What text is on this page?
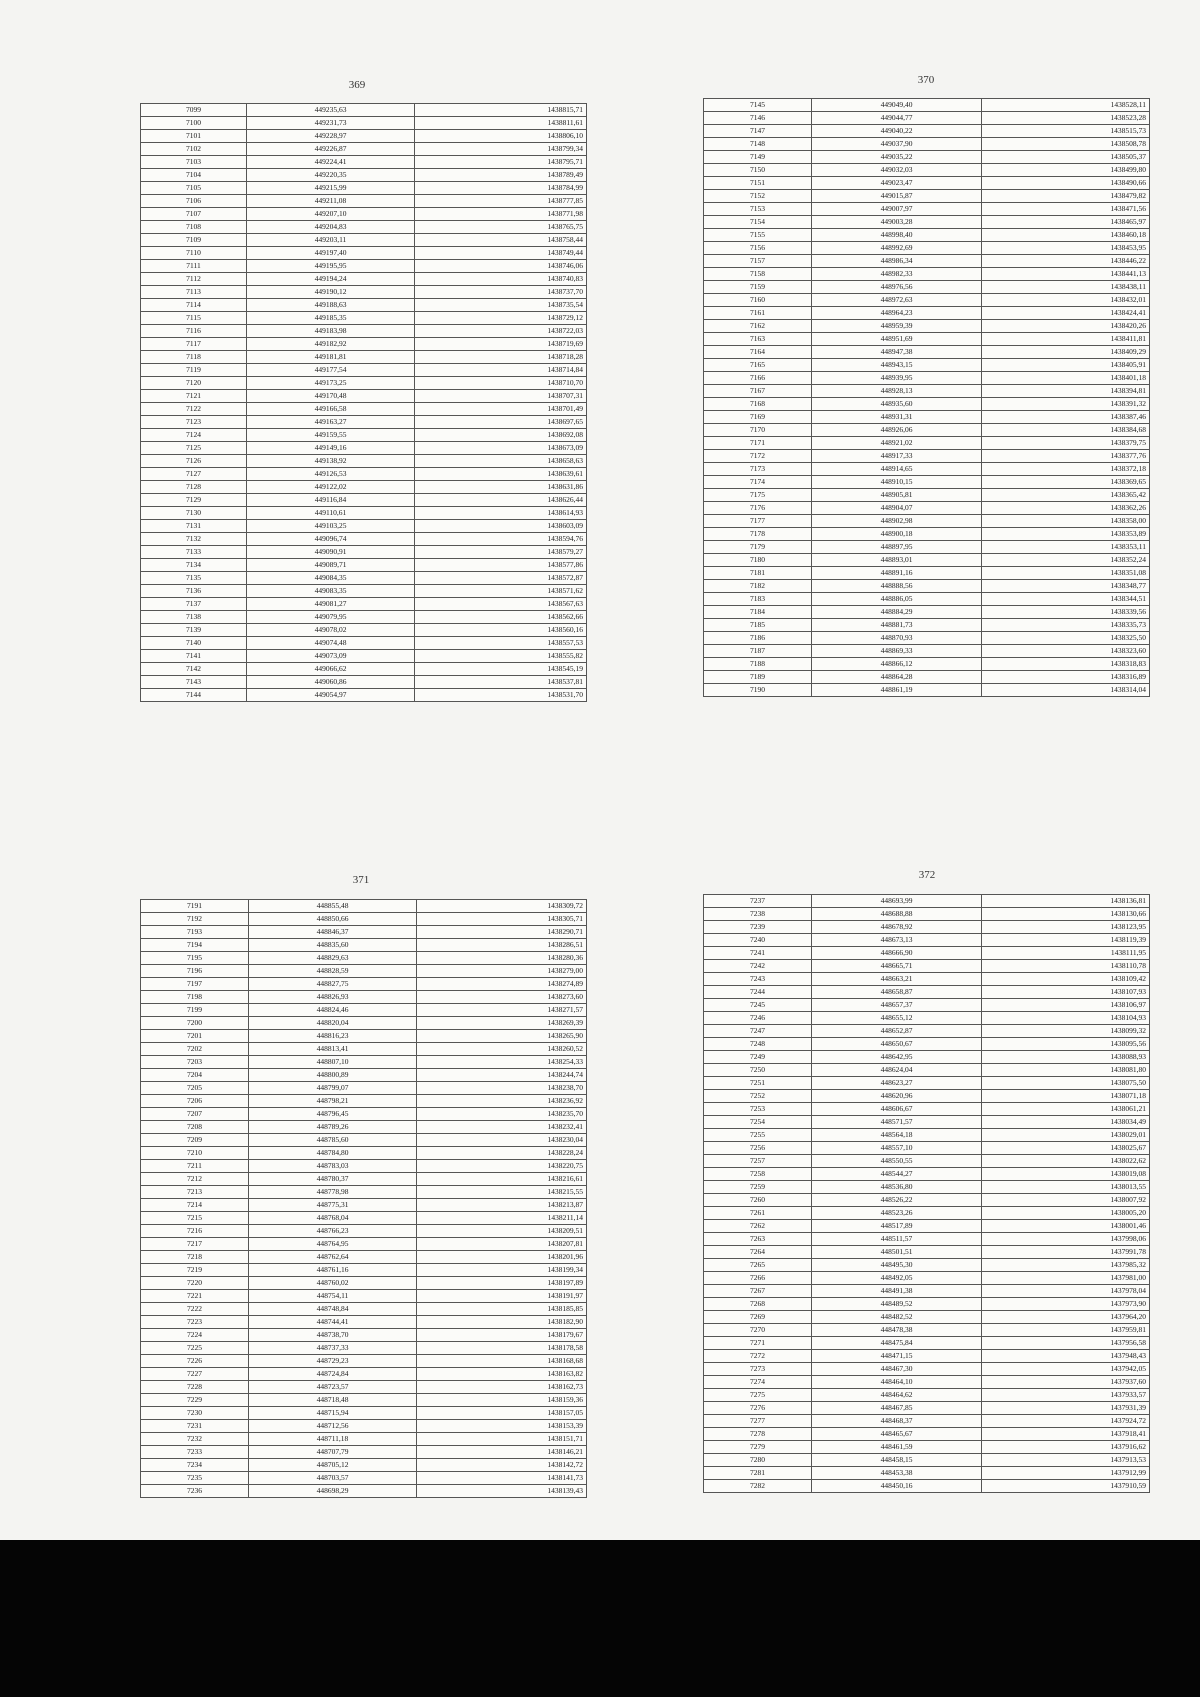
369
7099	449235,63	1438815,71
7100	449231,73	1438811,61
7101	449228,97	1438806,10
7102	449226,87	1438799,34
7103	449224,41	1438795,71
7104	449220,35	1438789,49
7105	449215,99	1438784,99
7106	449211,08	1438777,85
7107	449207,10	1438771,98
7108	449204,83	1438765,75
7109	449203,11	1438758,44
7110	449197,40	1438749,44
7111	449195,95	1438746,06
7112	449194,24	1438740,83
7113	449190,12	1438737,70
7114	449188,63	1438735,54
7115	449185,35	1438729,12
7116	449183,98	1438722,03
7117	449182,92	1438719,69
7118	449181,81	1438718,28
7119	449177,54	1438714,84
7120	449173,25	1438710,70
7121	449170,48	1438707,31
7122	449166,58	1438701,49
7123	449163,27	1438697,65
7124	449159,55	1438692,08
7125	449149,16	1438673,09
7126	449138,92	1438658,63
7127	449126,53	1438639,61
7128	449122,02	1438631,86
7129	449116,84	1438626,44
7130	449110,61	1438614,93
7131	449103,25	1438603,09
7132	449096,74	1438594,76
7133	449090,91	1438579,27
7134	449089,71	1438577,86
7135	449084,35	1438572,87
7136	449083,35	1438571,62
7137	449081,27	1438567,63
7138	449079,95	1438562,66
7139	449078,02	1438560,16
7140	449074,48	1438557,53
7141	449073,09	1438555,82
7142	449066,62	1438545,19
7143	449060,86	1438537,81
7144	449054,97	1438531,70
370
7145	449049,40	1438528,11
7146	449044,77	1438523,28
7147	449040,22	1438515,73
7148	449037,90	1438508,78
7149	449035,22	1438505,37
7150	449032,03	1438499,80
7151	449023,47	1438490,66
7152	449015,87	1438479,82
7153	449007,97	1438471,56
7154	449003,28	1438465,97
7155	448998,40	1438460,18
7156	448992,69	1438453,95
7157	448986,34	1438446,22
7158	448982,33	1438441,13
7159	448976,56	1438438,11
7160	448972,63	1438432,01
7161	448964,23	1438424,41
7162	448959,39	1438420,26
7163	448951,69	1438411,81
7164	448947,38	1438409,29
7165	448943,15	1438405,91
7166	448939,95	1438401,18
7167	448928,13	1438394,81
7168	448935,60	1438391,32
7169	448931,31	1438387,46
7170	448926,06	1438384,68
7171	448921,02	1438379,75
7172	448917,33	1438377,76
7173	448914,65	1438372,18
7174	448910,15	1438369,65
7175	448905,81	1438365,42
7176	448904,07	1438362,26
7177	448902,98	1438358,00
7178	448900,18	1438353,89
7179	448897,95	1438353,11
7180	448893,01	1438352,24
7181	448891,16	1438351,08
7182	448888,56	1438348,77
7183	448886,05	1438344,51
7184	448884,29	1438339,56
7185	448881,73	1438335,73
7186	448870,93	1438325,50
7187	448869,33	1438323,60
7188	448866,12	1438318,83
7189	448864,28	1438316,89
7190	448861,19	1438314,04
371
7191	448855,48	1438309,72
7192	448850,66	1438305,71
7193	448846,37	1438290,71
7194	448835,60	1438286,51
7195	448829,63	1438280,36
7196	448828,59	1438279,00
7197	448827,75	1438274,89
7198	448826,93	1438273,60
7199	448824,46	1438271,57
7200	448820,04	1438269,39
7201	448816,23	1438265,90
7202	448813,41	1438260,52
7203	448807,10	1438254,33
7204	448800,89	1438244,74
7205	448799,07	1438238,70
7206	448798,21	1438236,92
7207	448796,45	1438235,70
7208	448789,26	1438232,41
7209	448785,60	1438230,04
7210	448784,80	1438228,24
7211	448783,03	1438220,75
7212	448780,37	1438216,61
7213	448778,98	1438215,55
7214	448775,31	1438213,87
7215	448768,04	1438211,14
7216	448766,23	1438209,51
7217	448764,95	1438207,81
7218	448762,64	1438201,96
7219	448761,16	1438199,34
7220	448760,02	1438197,89
7221	448754,11	1438191,97
7222	448748,84	1438185,85
7223	448744,41	1438182,90
7224	448738,70	1438179,67
7225	448737,33	1438178,58
7226	448729,23	1438168,68
7227	448724,84	1438163,82
7228	448723,57	1438162,73
7229	448718,48	1438159,36
7230	448715,94	1438157,05
7231	448712,56	1438153,39
7232	448711,18	1438151,71
7233	448707,79	1438146,21
7234	448705,12	1438142,72
7235	448703,57	1438141,73
7236	448698,29	1438139,43
372
7237	448693,99	1438136,81
7238	448688,88	1438130,66
7239	448678,92	1438123,95
7240	448673,13	1438119,39
7241	448666,90	1438111,95
7242	448665,71	1438110,78
7243	448663,21	1438109,42
7244	448658,87	1438107,93
7245	448657,37	1438106,97
7246	448655,12	1438104,93
7247	448652,87	1438099,32
7248	448650,67	1438095,56
7249	448642,95	1438088,93
7250	448624,04	1438081,80
7251	448623,27	1438075,50
7252	448620,96	1438071,18
7253	448606,67	1438061,21
7254	448571,57	1438034,49
7255	448564,18	1438029,01
7256	448557,10	1438025,67
7257	448550,55	1438022,62
7258	448544,27	1438019,08
7259	448536,80	1438013,55
7260	448526,22	1438007,92
7261	448523,26	1438005,20
7262	448517,89	1438001,46
7263	448511,57	1437998,06
7264	448501,51	1437991,78
7265	448495,30	1437985,32
7266	448492,05	1437981,00
7267	448491,38	1437978,04
7268	448489,52	1437973,90
7269	448482,52	1437964,20
7270	448478,38	1437959,81
7271	448475,84	1437956,58
7272	448471,15	1437948,43
7273	448467,30	1437942,05
7274	448464,10	1437937,60
7275	448464,62	1437933,57
7276	448467,85	1437931,39
7277	448468,37	1437924,72
7278	448465,67	1437918,41
7279	448461,59	1437916,62
7280	448458,15	1437913,53
7281	448453,38	1437912,99
7282	448450,16	1437910,59
